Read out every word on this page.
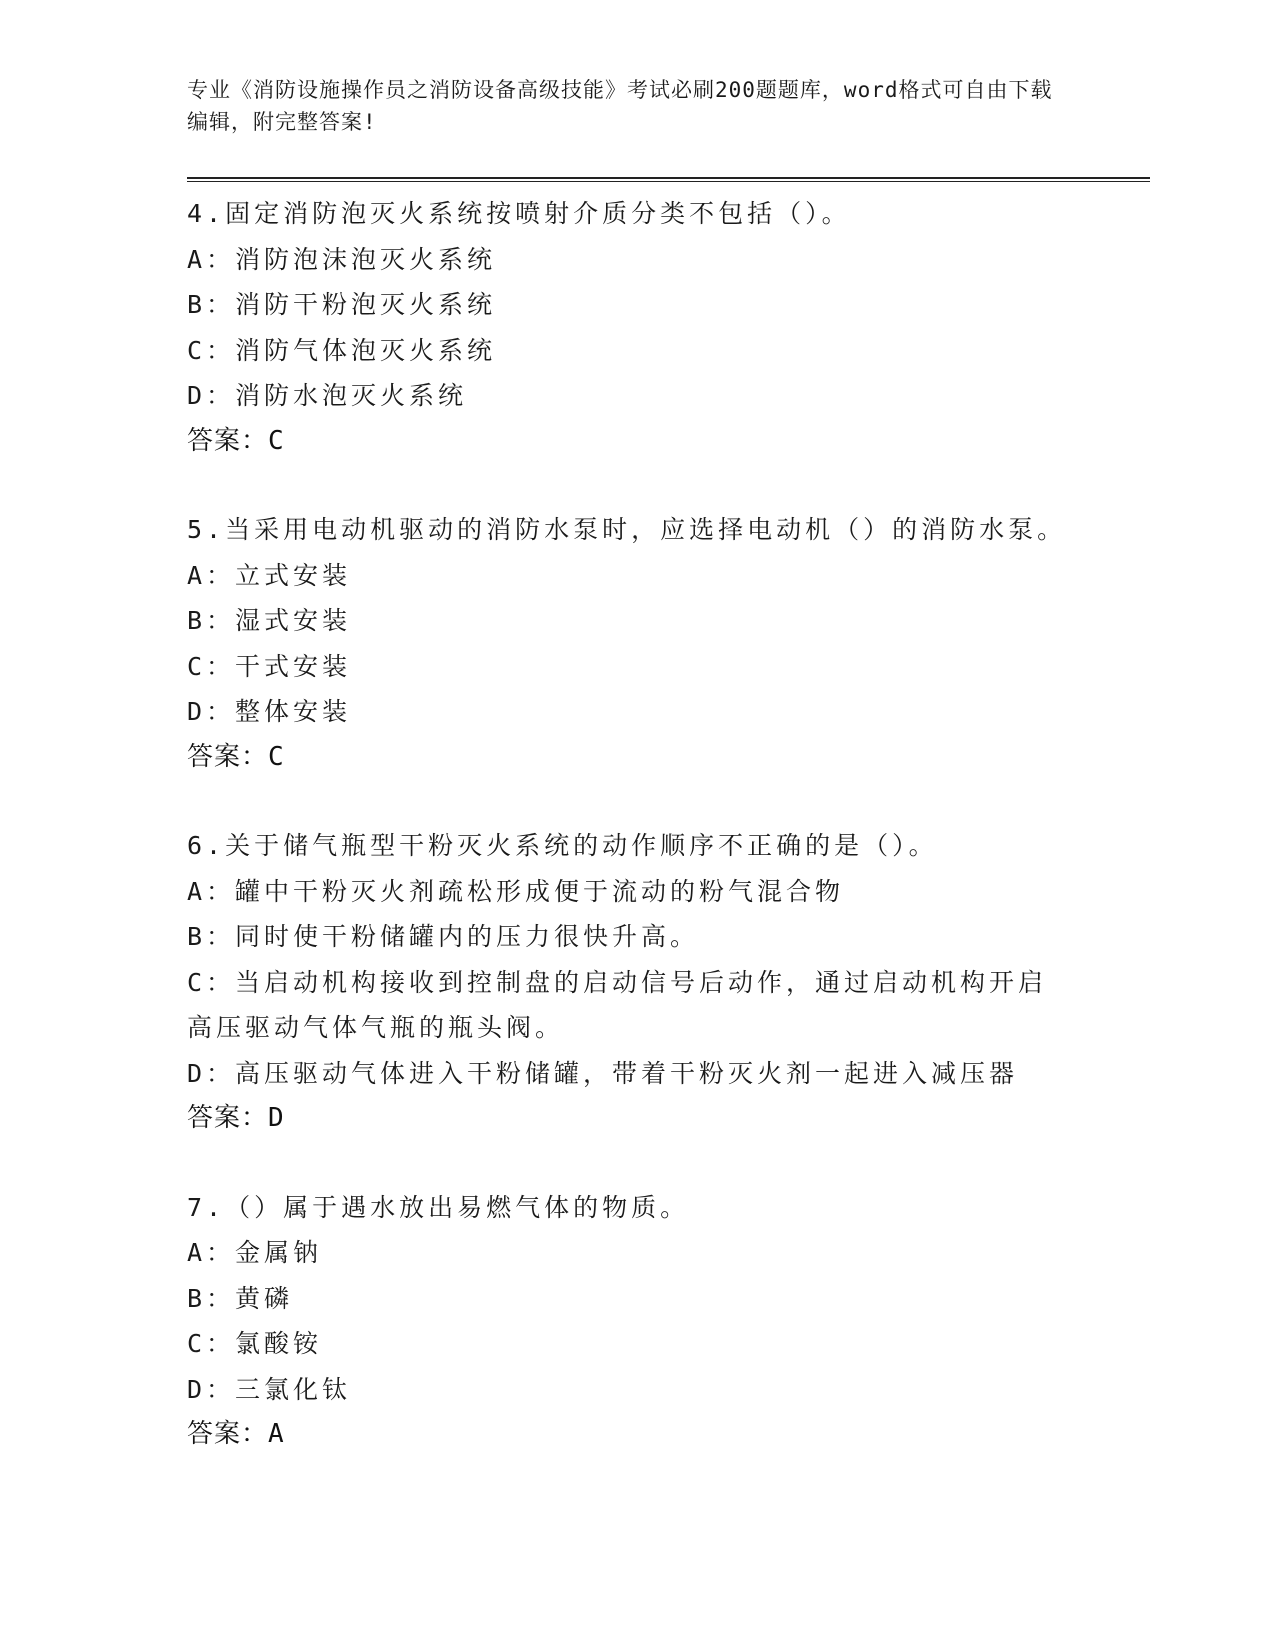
专业《消防设施操作员之消防设备高级技能》考试必刷200题题库，word格式可自由下载编辑，附完整答案!
4.固定消防泡灭火系统按喷射介质分类不包括（）。
A：消防泡沫泡灭火系统
B：消防干粉泡灭火系统
C：消防气体泡灭火系统
D：消防水泡灭火系统
答案：C
5.当采用电动机驱动的消防水泵时，应选择电动机（）的消防水泵。
A：立式安装
B：湿式安装
C：干式安装
D：整体安装
答案：C
6.关于储气瓶型干粉灭火系统的动作顺序不正确的是（）。
A：罐中干粉灭火剂疏松形成便于流动的粉气混合物
B：同时使干粉储罐内的压力很快升高。
C：当启动机构接收到控制盘的启动信号后动作，通过启动机构开启高压驱动气体气瓶的瓶头阀。
D：高压驱动气体进入干粉储罐，带着干粉灭火剂一起进入减压器
答案：D
7.（）属于遇水放出易燃气体的物质。
A：金属钠
B：黄磷
C：氯酸铵
D：三氯化钛
答案：A
